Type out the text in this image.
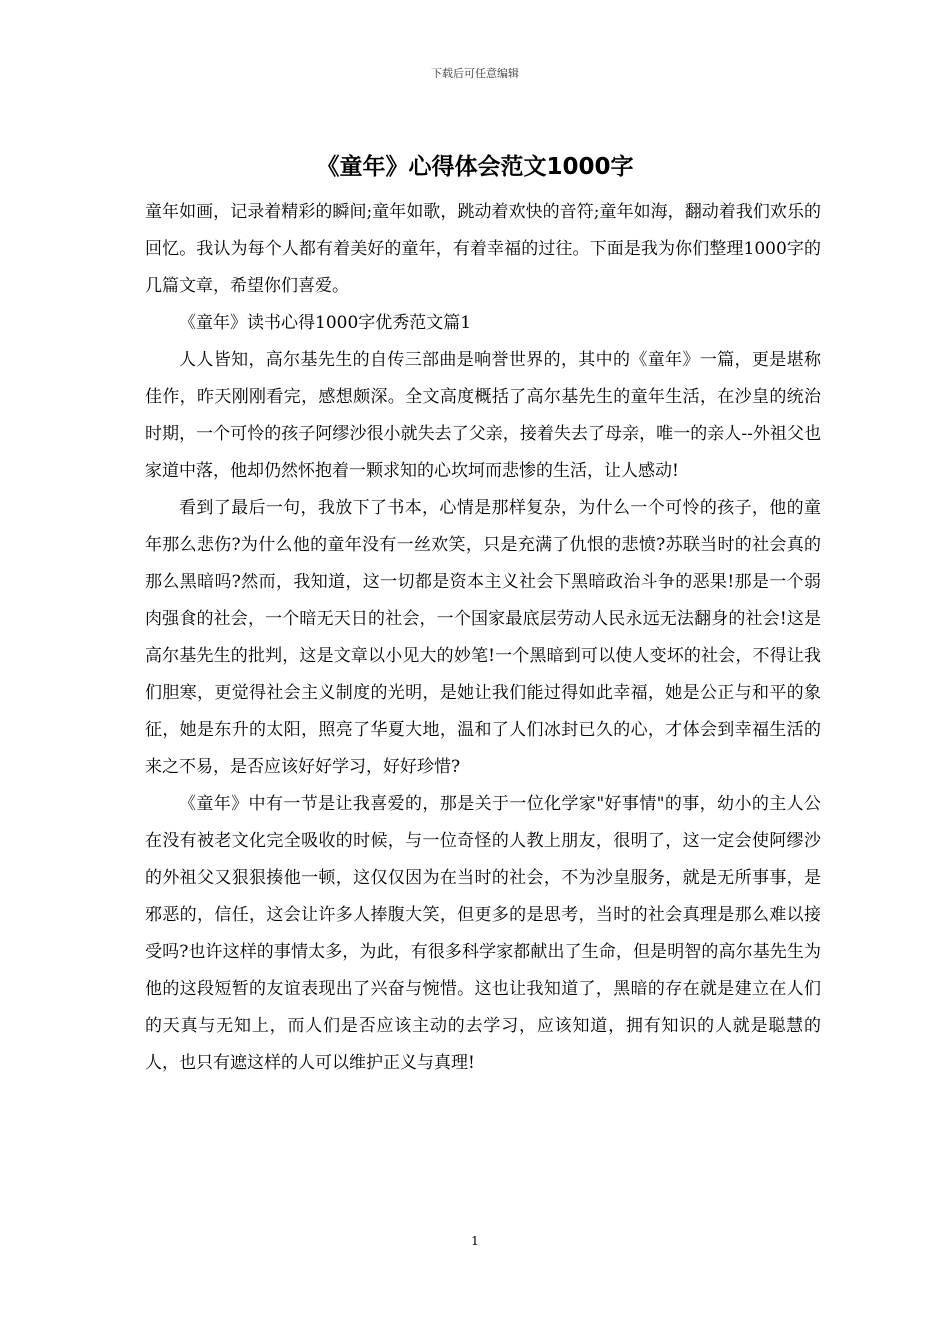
下载后可任意编辑
《童年》心得体会范文1000字

童年如画，记录着精彩的瞬间;童年如歌，跳动着欢快的音符;童年如海，翻动着我们欢乐的回忆。我认为每个人都有着美好的童年，有着幸福的过往。下面是我为你们整理1000字的几篇文章，希望你们喜爱。

《童年》读书心得1000字优秀范文篇1

人人皆知，高尔基先生的自传三部曲是响誉世界的，其中的《童年》一篇，更是堪称佳作，昨天刚刚看完，感想颇深。全文高度概括了高尔基先生的童年生活，在沙皇的统治时期，一个可怜的孩子阿缪沙很小就失去了父亲，接着失去了母亲，唯一的亲人--外祖父也家道中落，他却仍然怀抱着一颗求知的心坎坷而悲惨的生活，让人感动!

看到了最后一句，我放下了书本，心情是那样复杂，为什么一个可怜的孩子，他的童年那么悲伤?为什么他的童年没有一丝欢笑，只是充满了仇恨的悲愤?苏联当时的社会真的那么黑暗吗?然而，我知道，这一切都是资本主义社会下黑暗政治斗争的恶果!那是一个弱肉强食的社会，一个暗无天日的社会，一个国家最底层劳动人民永远无法翻身的社会!这是高尔基先生的批判，这是文章以小见大的妙笔!一个黑暗到可以使人变坏的社会，不得让我们胆寒，更觉得社会主义制度的光明，是她让我们能过得如此幸福，她是公正与和平的象征，她是东升的太阳，照亮了华夏大地，温和了人们冰封已久的心，才体会到幸福生活的来之不易，是否应该好好学习，好好珍惜?

《童年》中有一节是让我喜爱的，那是关于一位化学家"好事情"的事，幼小的主人公在没有被老文化完全吸收的时候，与一位奇怪的人教上朋友，很明了，这一定会使阿缪沙的外祖父又狠狠揍他一顿，这仅仅因为在当时的社会，不为沙皇服务，就是无所事事，是邪恶的，信任，这会让许多人捧腹大笑，但更多的是思考，当时的社会真理是那么难以接受吗?也许这样的事情太多，为此，有很多科学家都献出了生命，但是明智的高尔基先生为他的这段短暂的友谊表现出了兴奋与惋惜。这也让我知道了，黑暗的存在就是建立在人们的天真与无知上，而人们是否应该主动的去学习，应该知道，拥有知识的人就是聪慧的人，也只有遮这样的人可以维护正义与真理!

1
